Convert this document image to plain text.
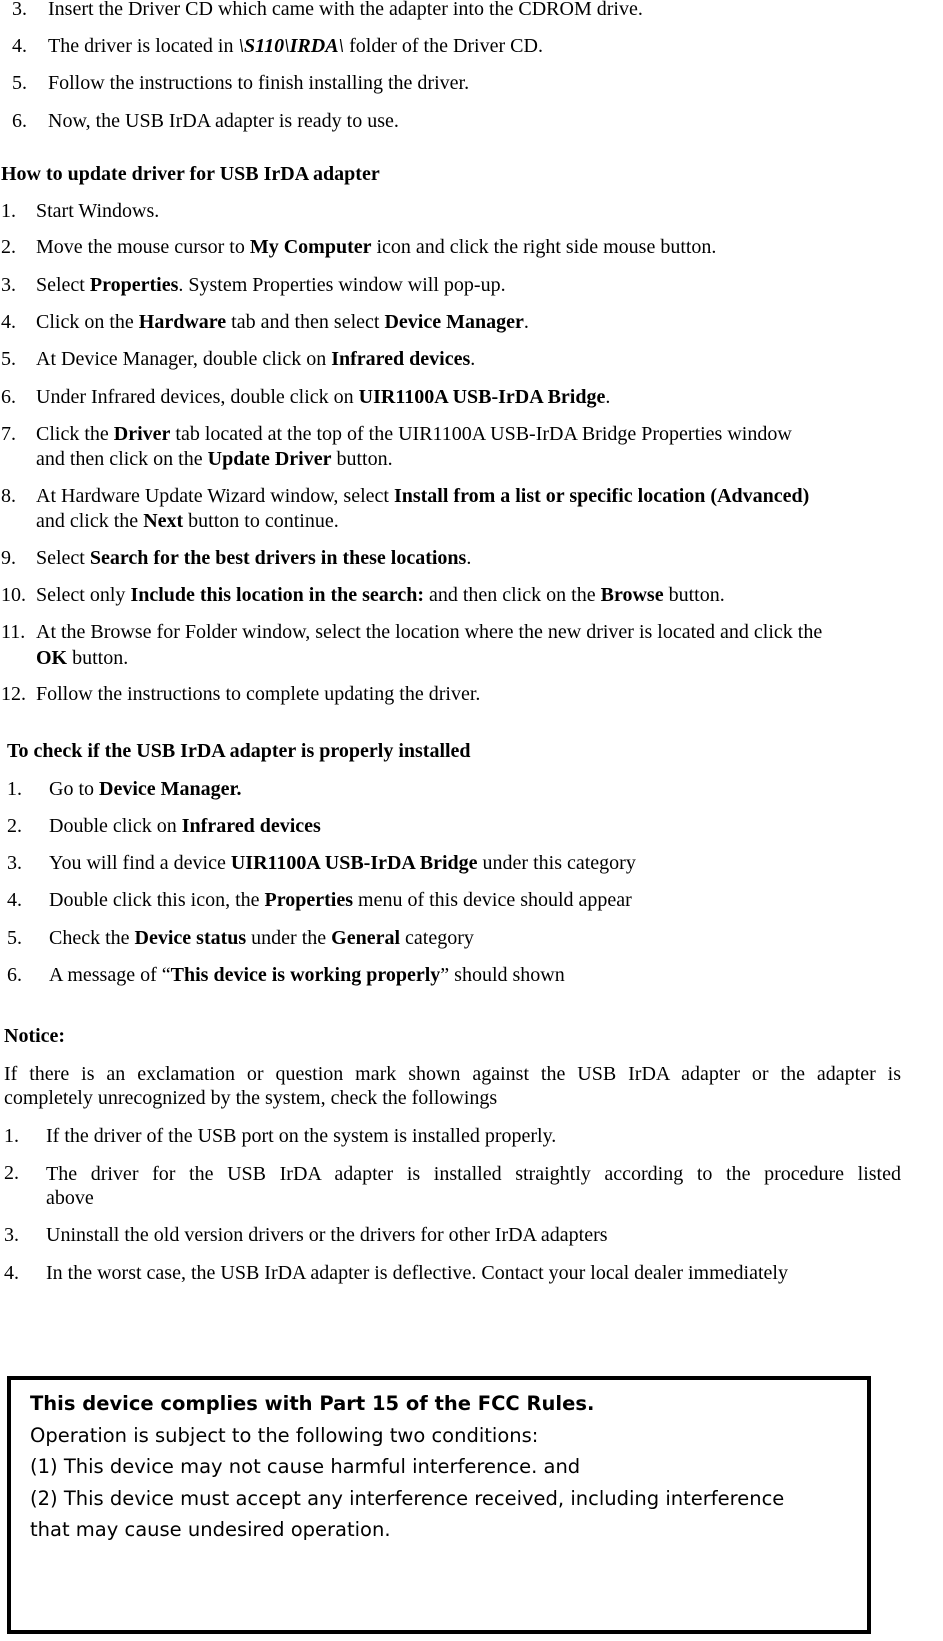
3. Insert the Driver CD which came with the adapter into the CDROM drive.
4. The driver is located in \S110\IRDA\ folder of the Driver CD.
5. Follow the instructions to finish installing the driver.
6. Now, the USB IrDA adapter is ready to use.
How to update driver for USB IrDA adapter
1. Start Windows.
2. Move the mouse cursor to My Computer icon and click the right side mouse button.
3. Select Properties. System Properties window will pop-up.
4. Click on the Hardware tab and then select Device Manager.
5. At Device Manager, double click on Infrared devices.
6. Under Infrared devices, double click on UIR1100A USB-IrDA Bridge.
7. Click the Driver tab located at the top of the UIR1100A USB-IrDA Bridge Properties window
and then click on the Update Driver button.
8. At Hardware Update Wizard window, select Install from a list or specific location (Advanced)
and click the Next button to continue.
9. Select Search for the best drivers in these locations.
10. Select only Include this location in the search: and then click on the Browse button.
11. At the Browse for Folder window, select the location where the new driver is located and click the
OK button.
12. Follow the instructions to complete updating the driver.
To check if the USB IrDA adapter is properly installed
1. Go to Device Manager.
2. Double click on Infrared devices
3. You will find a device UIR1100A USB-IrDA Bridge under this category
4. Double click this icon, the Properties menu of this device should appear
5. Check the Device status under the General category
6. A message of “This device is working properly” should shown
Notice:
If there is an exclamation or question mark shown against the USB IrDA adapter or the adapter is
completely unrecognized by the system, check the followings
1. If the driver of the USB port on the system is installed properly.
2. The driver for the USB IrDA adapter is installed straightly according to the procedure listed
above
3. Uninstall the old version drivers or the drivers for other IrDA adapters
4. In the worst case, the USB IrDA adapter is deflective. Contact your local dealer immediately
This device complies with Part 15 of the FCC Rules.
Operation is subject to the following two conditions:
(1) This device may not cause harmful interference. and
(2) This device must accept any interference received, including interference
that may cause undesired operation.
